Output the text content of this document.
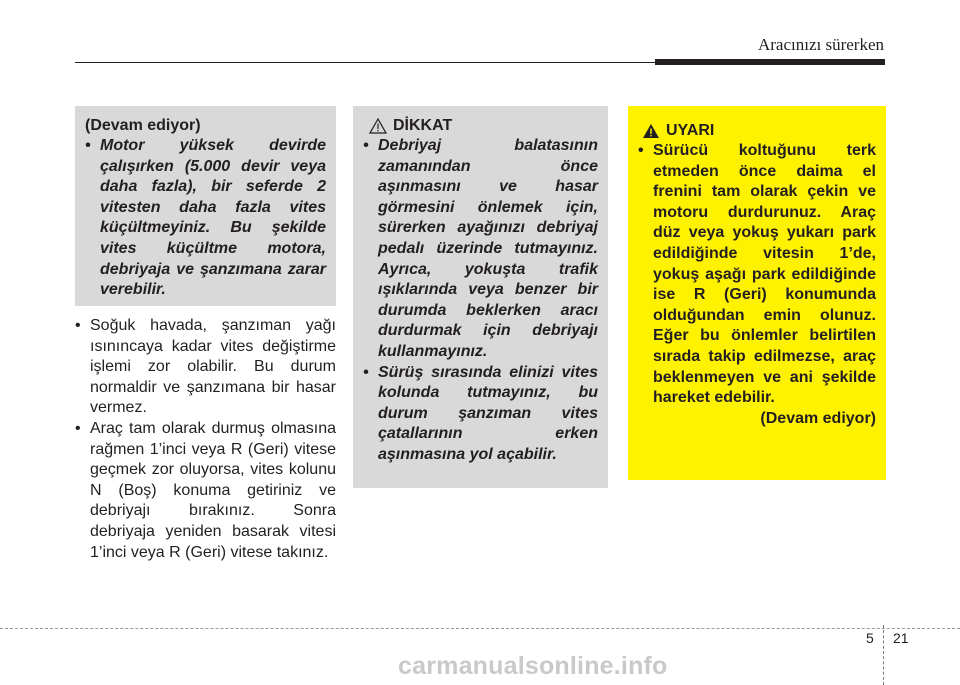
Aracınızı sürerken
(Devam ediyor)
• Motor yüksek devirde çalışırken (5.000 devir veya daha fazla), bir seferde 2 vitesten daha fazla vites küçültmeyiniz. Bu şekilde vites küçültme motora, debriyaja ve şanzımana zarar verebilir.
• Soğuk havada, şanzıman yağı ısınıncaya kadar vites değiştirme işlemi zor olabilir. Bu durum normaldir ve şanzımana bir hasar vermez.
• Araç tam olarak durmuş olmasına rağmen 1’inci veya R (Geri) vitese geçmek zor oluyorsa, vites kolunu N (Boş) konuma getiriniz ve debriyajı bırakınız. Sonra debriyaja yeniden basarak vitesi 1’inci veya R (Geri) vitese takınız.
DİKKAT
• Debriyaj balatasının zamanından önce aşınmasını ve hasar görmesini önlemek için, sürerken ayağınızı debriyaj pedalı üzerinde tutmayınız. Ayrıca, yokuşta trafik ışıklarında veya benzer bir durumda beklerken aracı durdurmak için debriyajı kullanmayınız.
• Sürüş sırasında elinizi vites kolunda tutmayınız, bu durum şanzıman vites çatallarının erken aşınmasına yol açabilir.
UYARI
• Sürücü koltuğunu terk etmeden önce daima el frenini tam olarak çekin ve motoru durdurunuz. Araç düz veya yokuş yukarı park edildiğinde vitesin 1’de, yokuş aşağı park edildiğinde ise R (Geri) konumunda olduğundan emin olunuz. Eğer bu önlemler belirtilen sırada takip edilmezse, araç beklenmeyen ve ani şekilde hareket edebilir.
(Devam ediyor)
5 21
carmanualsonline.info
